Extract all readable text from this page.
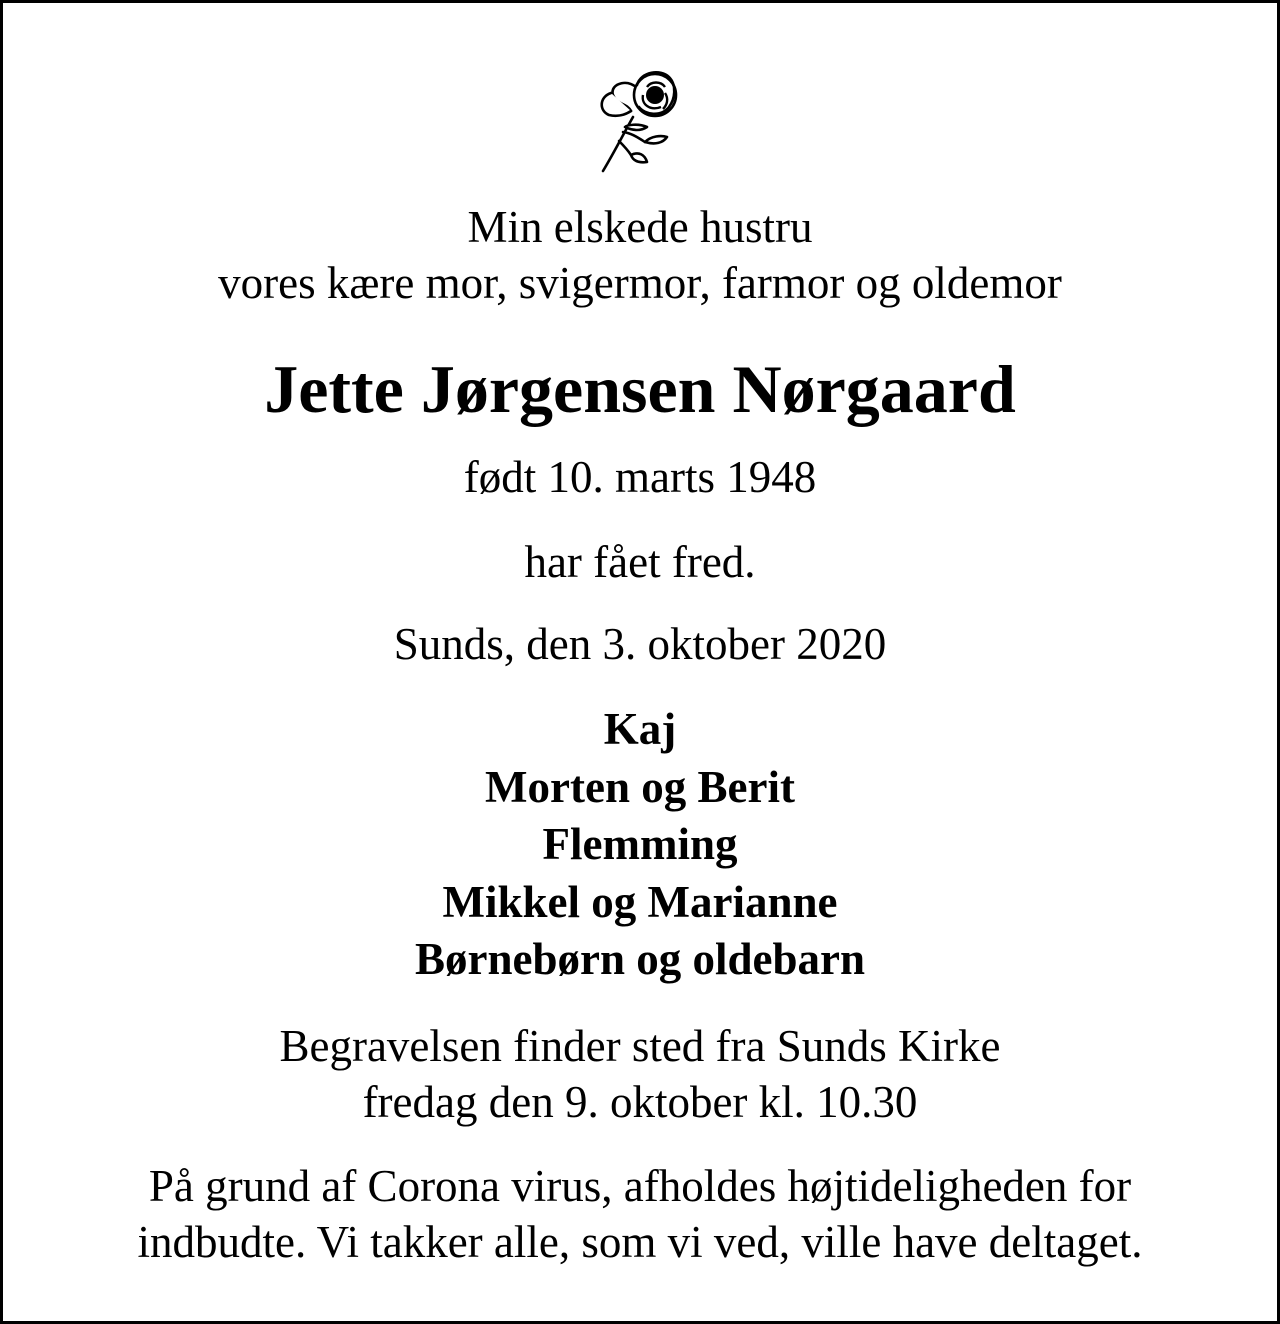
Min elskede hustru
vores kære mor, svigermor, farmor og oldemor

Jette Jørgensen Nørgaard

født 10. marts 1948

har fået fred.

Sunds, den 3. oktober 2020

Kaj
Morten og Berit
Flemming
Mikkel og Marianne
Børnebørn og oldebarn

Begravelsen finder sted fra Sunds Kirke
fredag den 9. oktober kl. 10.30

På grund af Corona virus, afholdes højtideligheden for
indbudte. Vi takker alle, som vi ved, ville have deltaget.
